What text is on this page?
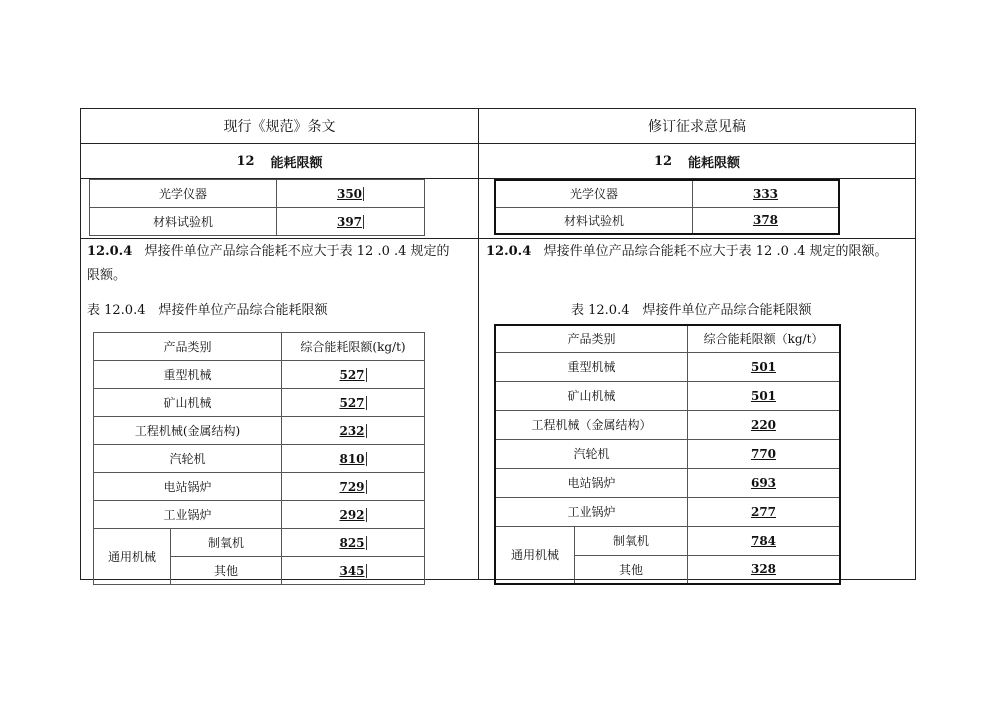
现行《规范》条文	修订征求意见稿
12 能耗限额	12 能耗限额
光学仪器	350
材料试验机	397
光学仪器	333
材料试验机	378
12.0.4 焊接件单位产品综合能耗不应大于表 12 .0 .4 规定的
限额。
表 12.0.4　焊接件单位产品综合能耗限额
12.0.4 焊接件单位产品综合能耗不应大于表 12 .0 .4 规定的限额。
表 12.0.4　焊接件单位产品综合能耗限额
产品类别		综合能耗限额(kg/t)
重型机械		527
矿山机械		527
工程机械(金属结构)		232
汽轮机		810
电站锅炉		729
工业锅炉		292
通用机械	制氧机	825
	其他	345
产品类别		综合能耗限额（kg/t）
重型机械		501
矿山机械		501
工程机械（金属结构）		220
汽轮机		770
电站锅炉		693
工业锅炉		277
通用机械	制氧机	784
	其他	328
